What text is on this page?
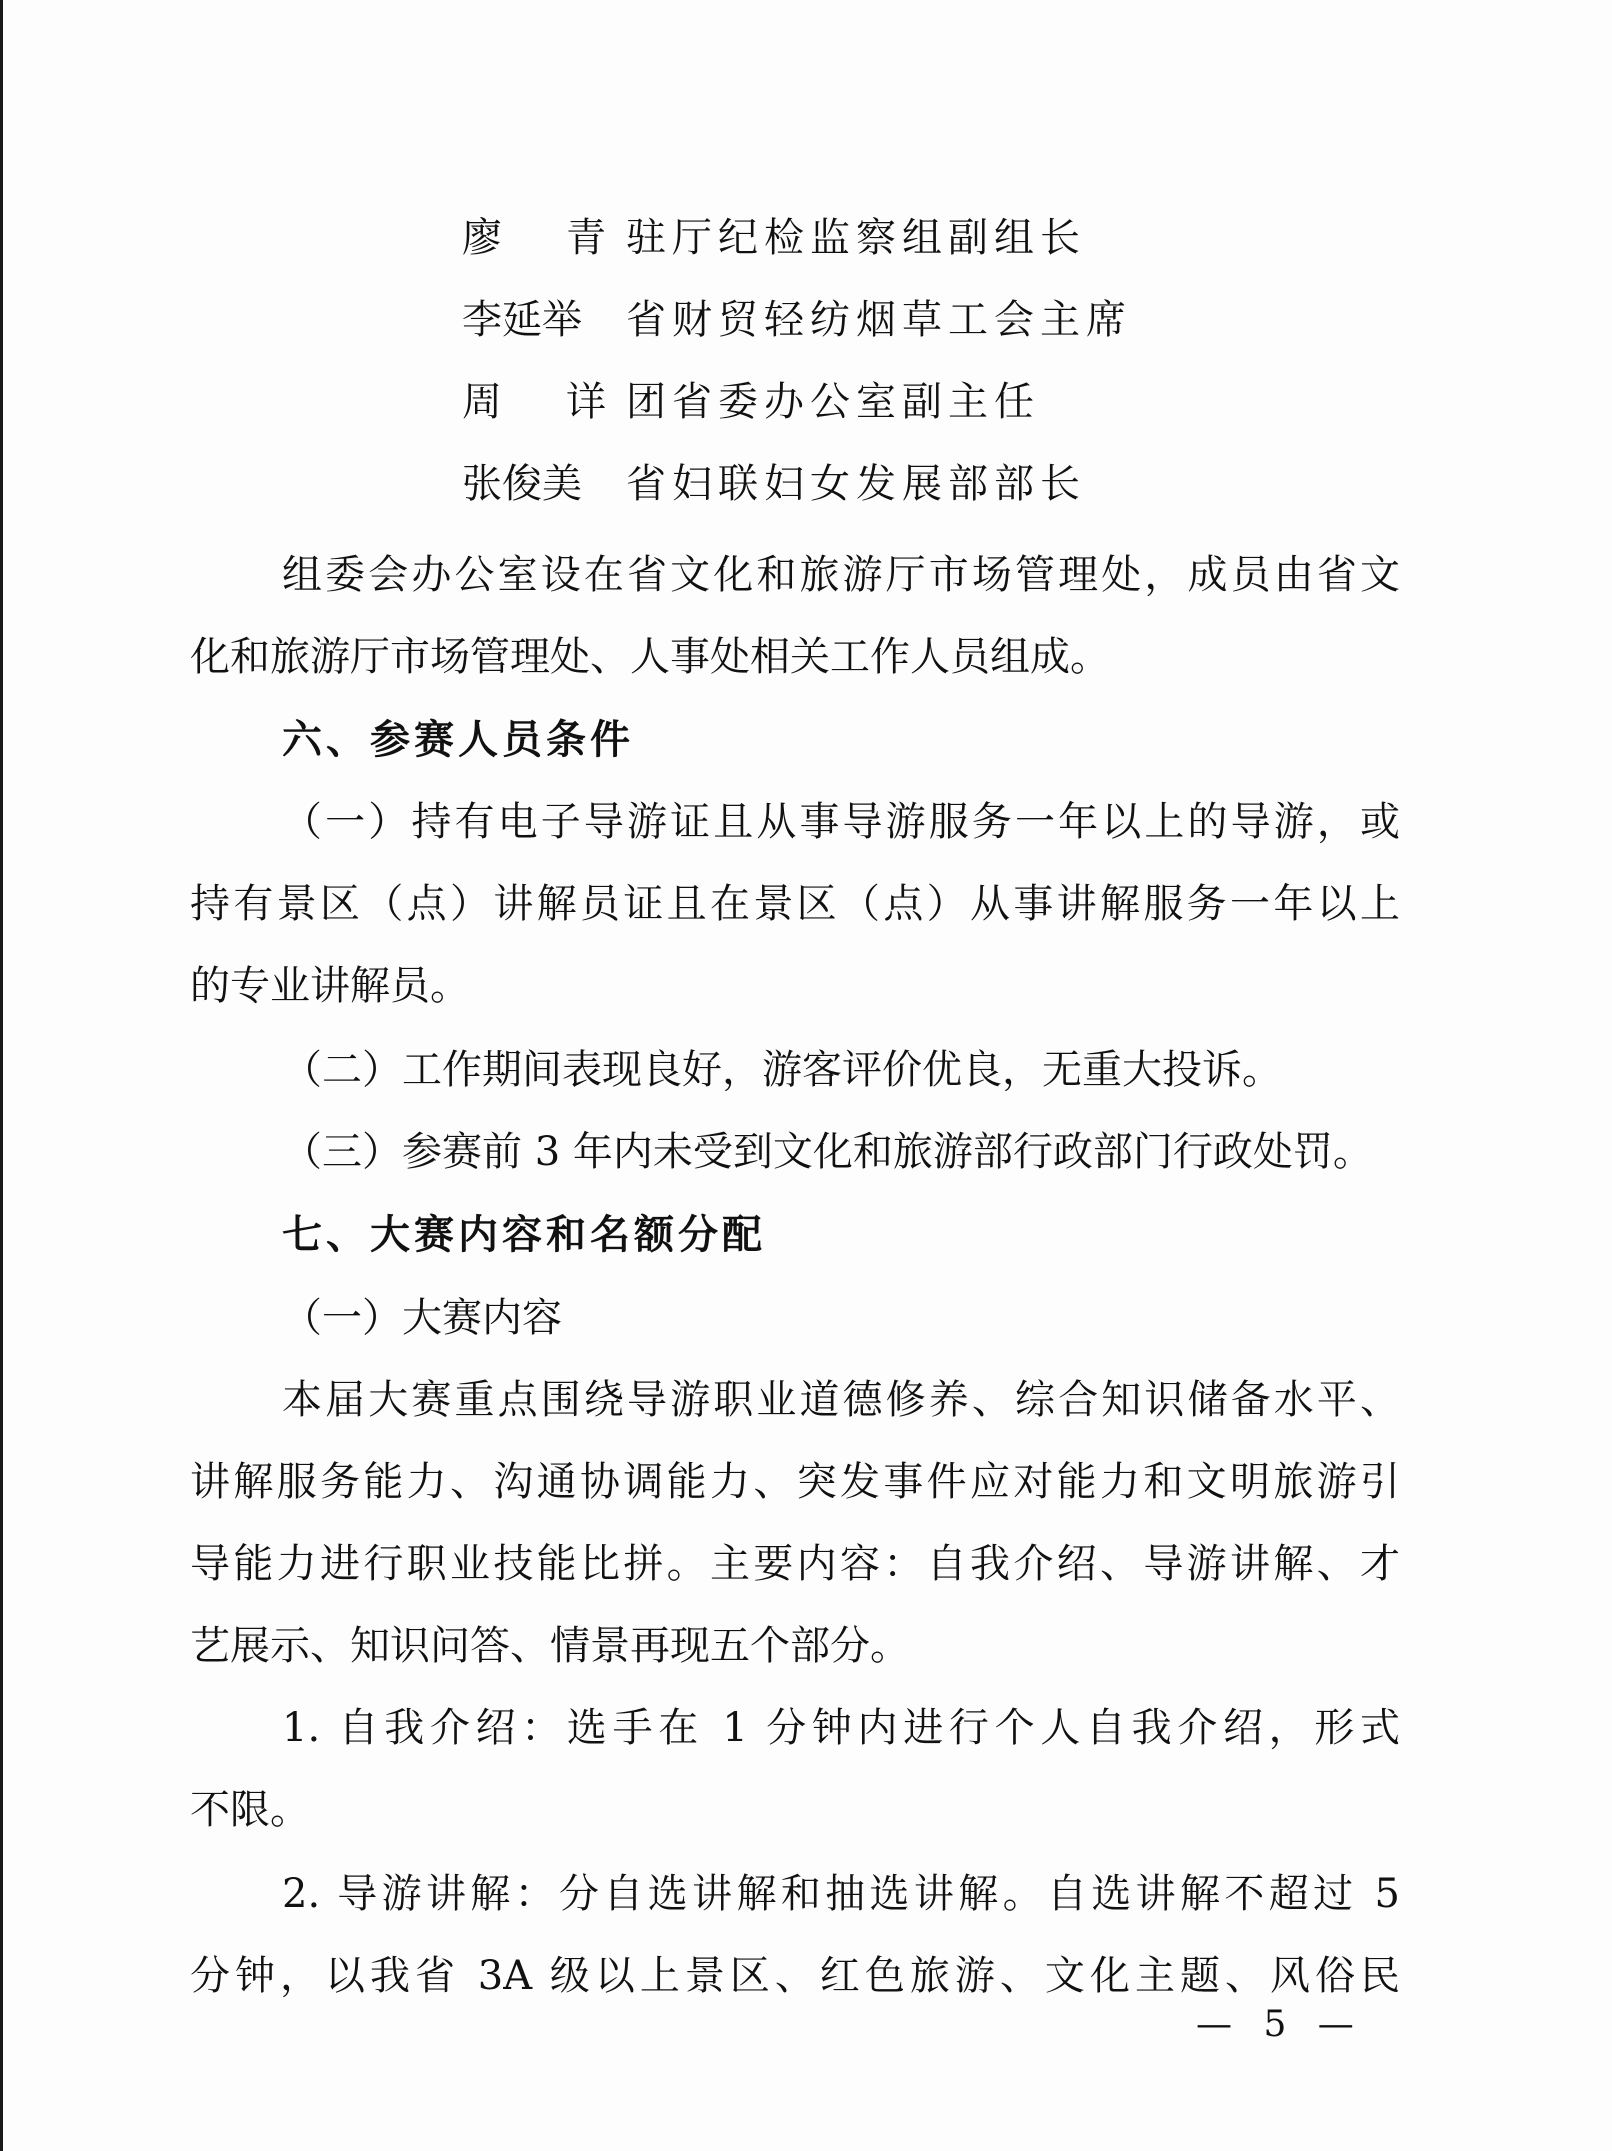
廖　青 驻厅纪检监察组副组长
李延举 省财贸轻纺烟草工会主席
周　详 团省委办公室副主任
张俊美 省妇联妇女发展部部长
组委会办公室设在省文化和旅游厅市场管理处，成员由省文
化和旅游厅市场管理处、人事处相关工作人员组成。
六、参赛人员条件
（一）持有电子导游证且从事导游服务一年以上的导游，或
持有景区（点）讲解员证且在景区（点）从事讲解服务一年以上
的专业讲解员。
（二）工作期间表现良好，游客评价优良，无重大投诉。
（三）参赛前 3 年内未受到文化和旅游部行政部门行政处罚。
七、大赛内容和名额分配
（一）大赛内容
本届大赛重点围绕导游职业道德修养、综合知识储备水平、
讲解服务能力、沟通协调能力、突发事件应对能力和文明旅游引
导能力进行职业技能比拼。主要内容：自我介绍、导游讲解、才
艺展示、知识问答、情景再现五个部分。
1. 自我介绍：选手在 1 分钟内进行个人自我介绍，形式
不限。
2. 导游讲解：分自选讲解和抽选讲解。自选讲解不超过 5
分钟，以我省 3A 级以上景区、红色旅游、文化主题、风俗民
— 5 —
